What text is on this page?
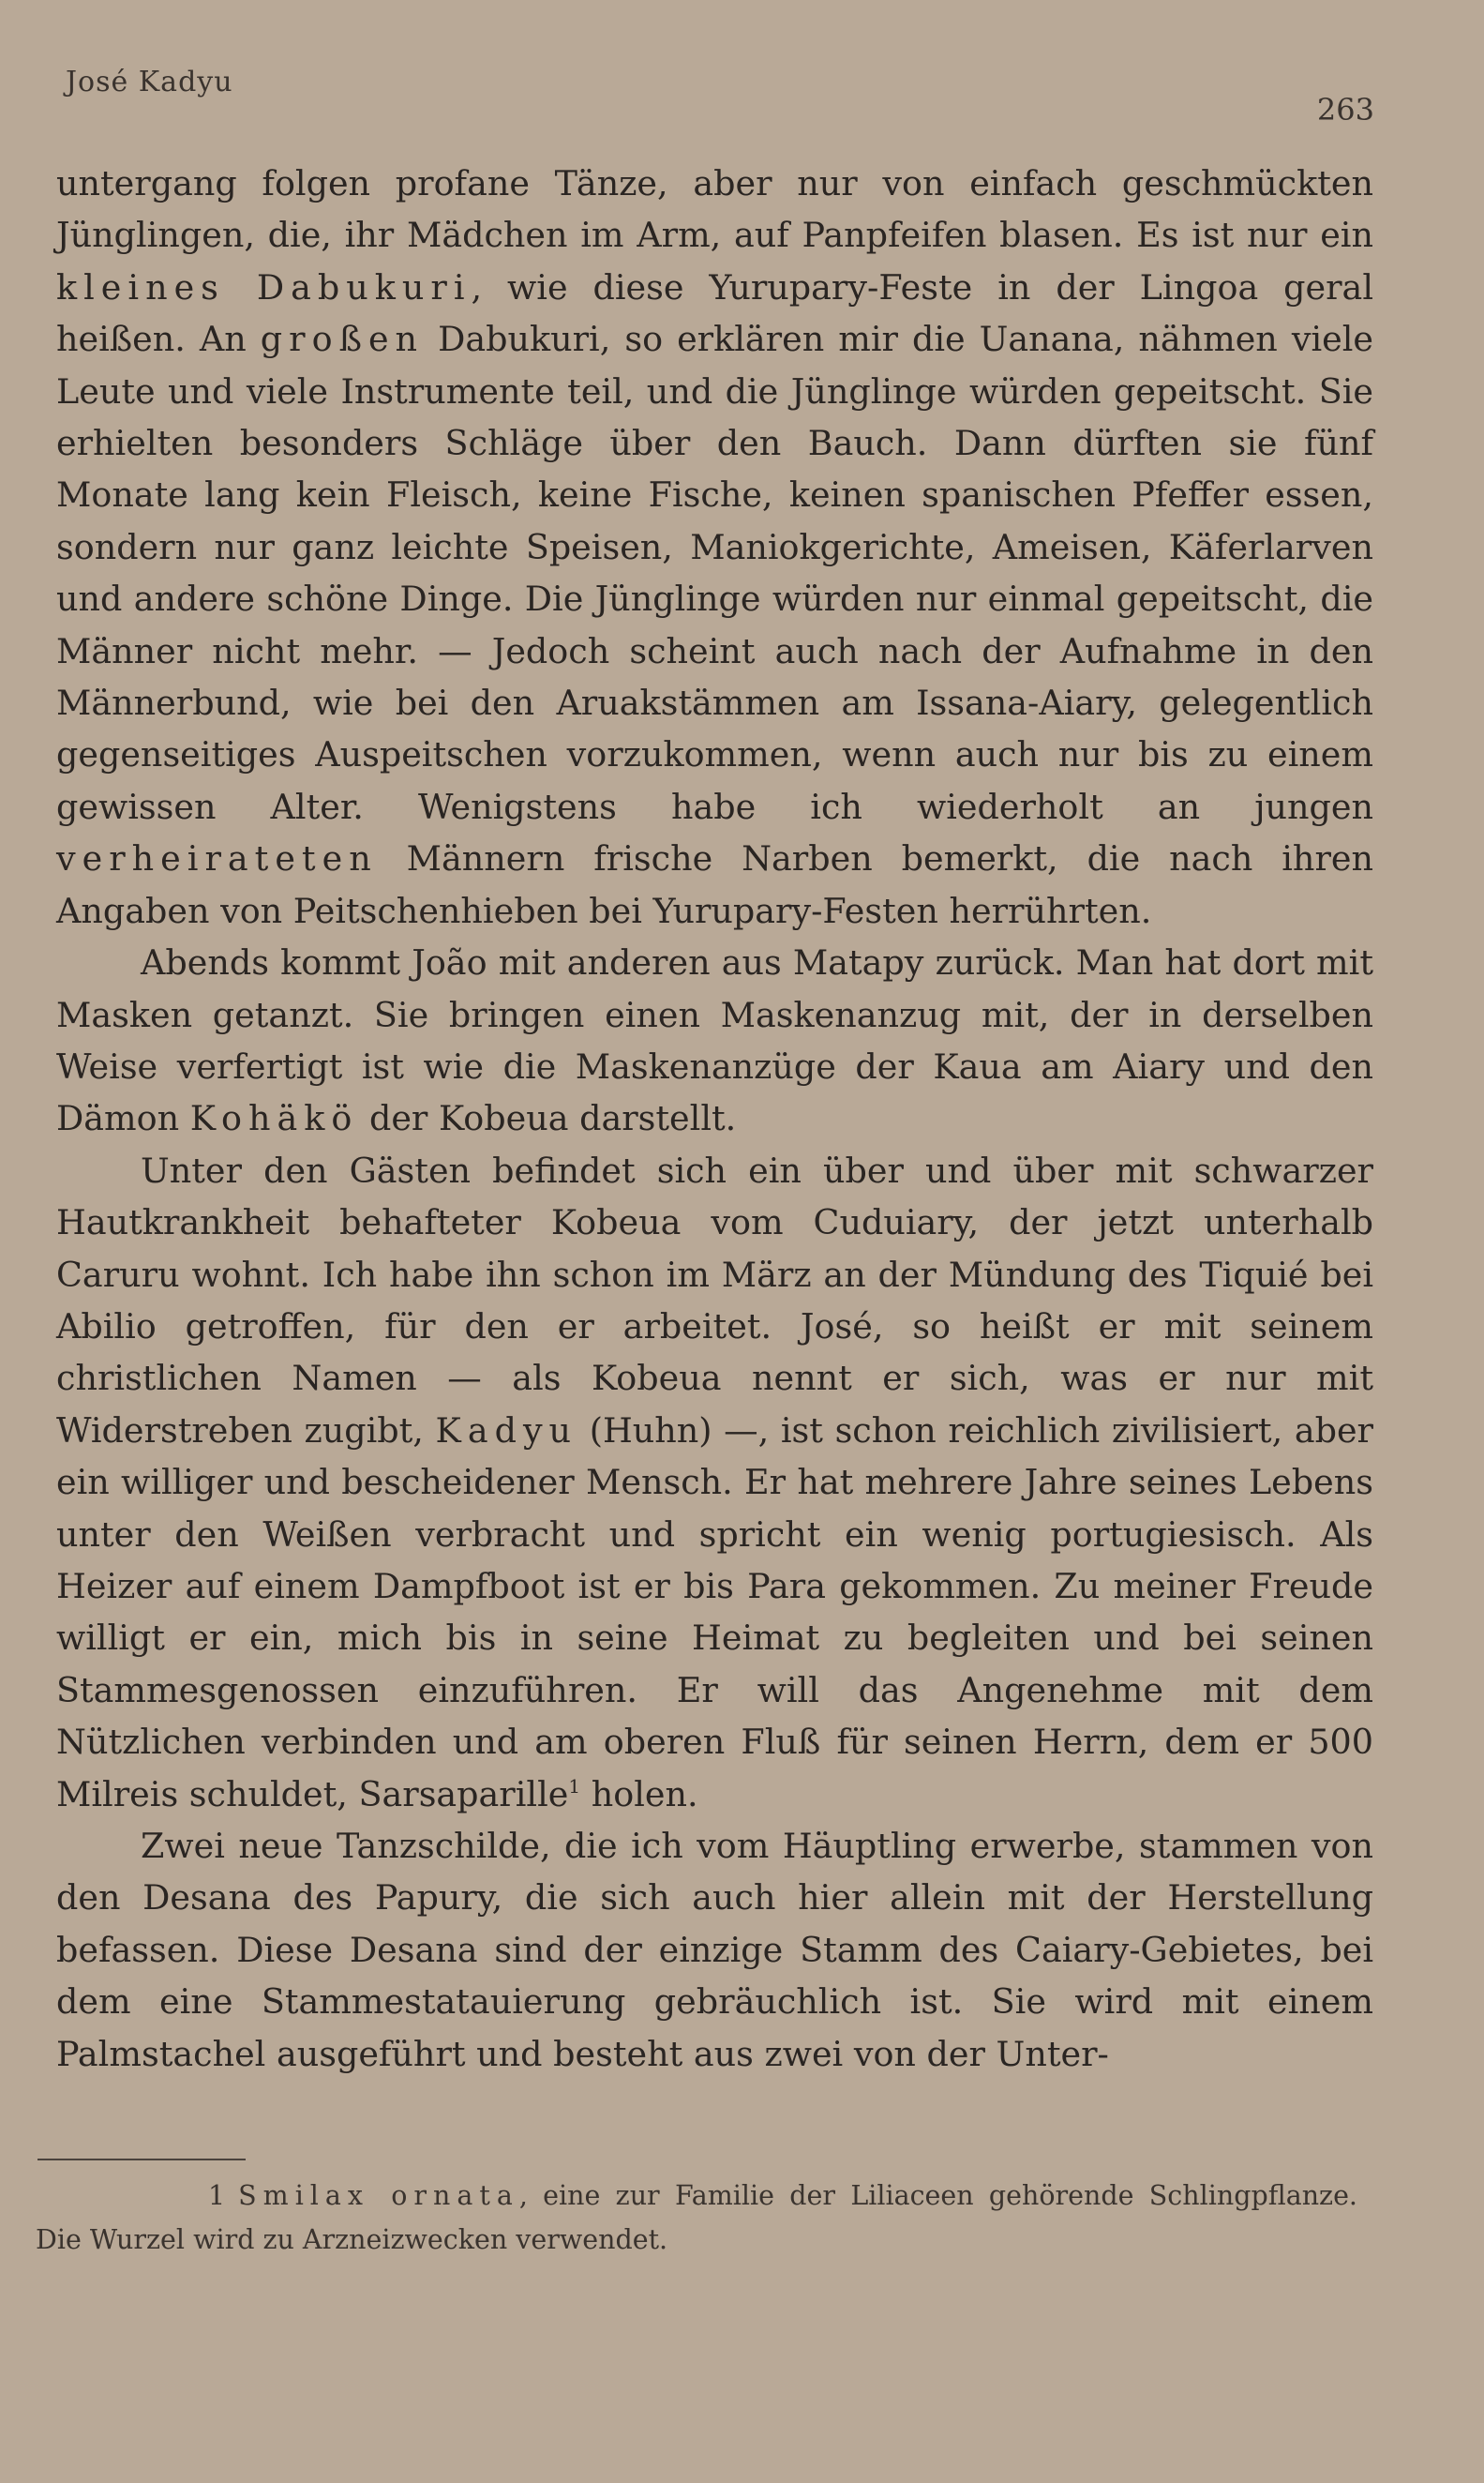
José Kadyu
263

untergang folgen profane Tänze, aber nur von einfach geschmückten Jünglingen, die, ihr Mädchen im Arm, auf Panpfeifen blasen. Es ist nur ein kleines Dabukuri, wie diese Yurupary-Feste in der Lingoa geral heißen. An großen Dabukuri, so erklären mir die Uanana, nähmen viele Leute und viele Instrumente teil, und die Jünglinge würden gepeitscht. Sie erhielten besonders Schläge über den Bauch. Dann dürften sie fünf Monate lang kein Fleisch, keine Fische, keinen spanischen Pfeffer essen, sondern nur ganz leichte Speisen, Maniokgerichte, Ameisen, Käferlarven und andere schöne Dinge. Die Jünglinge würden nur einmal gepeitscht, die Männer nicht mehr. — Jedoch scheint auch nach der Aufnahme in den Männerbund, wie bei den Aruakstämmen am Issana-Aiary, gelegentlich gegenseitiges Auspeitschen vorzukommen, wenn auch nur bis zu einem gewissen Alter. Wenigstens habe ich wiederholt an jungen verheirateten Männern frische Narben bemerkt, die nach ihren Angaben von Peitschenhieben bei Yurupary-Festen herrührten.

Abends kommt João mit anderen aus Matapy zurück. Man hat dort mit Masken getanzt. Sie bringen einen Maskenanzug mit, der in derselben Weise verfertigt ist wie die Maskenanzüge der Kaua am Aiary und den Dämon Kohäkö der Kobeua darstellt.

Unter den Gästen befindet sich ein über und über mit schwarzer Hautkrankheit behafteter Kobeua vom Cuduiary, der jetzt unterhalb Caruru wohnt. Ich habe ihn schon im März an der Mündung des Tiquié bei Abilio getroffen, für den er arbeitet. José, so heißt er mit seinem christlichen Namen — als Kobeua nennt er sich, was er nur mit Widerstreben zugibt, Kadyu (Huhn) —, ist schon reichlich zivilisiert, aber ein williger und bescheidener Mensch. Er hat mehrere Jahre seines Lebens unter den Weißen verbracht und spricht ein wenig portugiesisch. Als Heizer auf einem Dampfboot ist er bis Para gekommen. Zu meiner Freude willigt er ein, mich bis in seine Heimat zu begleiten und bei seinen Stammesgenossen einzuführen. Er will das Angenehme mit dem Nützlichen verbinden und am oberen Fluß für seinen Herrn, dem er 500 Milreis schuldet, Sarsaparille$^1$ holen.

Zwei neue Tanzschilde, die ich vom Häuptling erwerbe, stammen von den Desana des Papury, die sich auch hier allein mit der Herstellung befassen. Diese Desana sind der einzige Stamm des Caiary-Gebietes, bei dem eine Stammestatauierung gebräuchlich ist. Sie wird mit einem Palmstachel ausgeführt und besteht aus zwei von der Unter-

1 Smilax ornata, eine zur Familie der Liliaceen gehörende Schlingpflanze. Die Wurzel wird zu Arzneizwecken verwendet.
